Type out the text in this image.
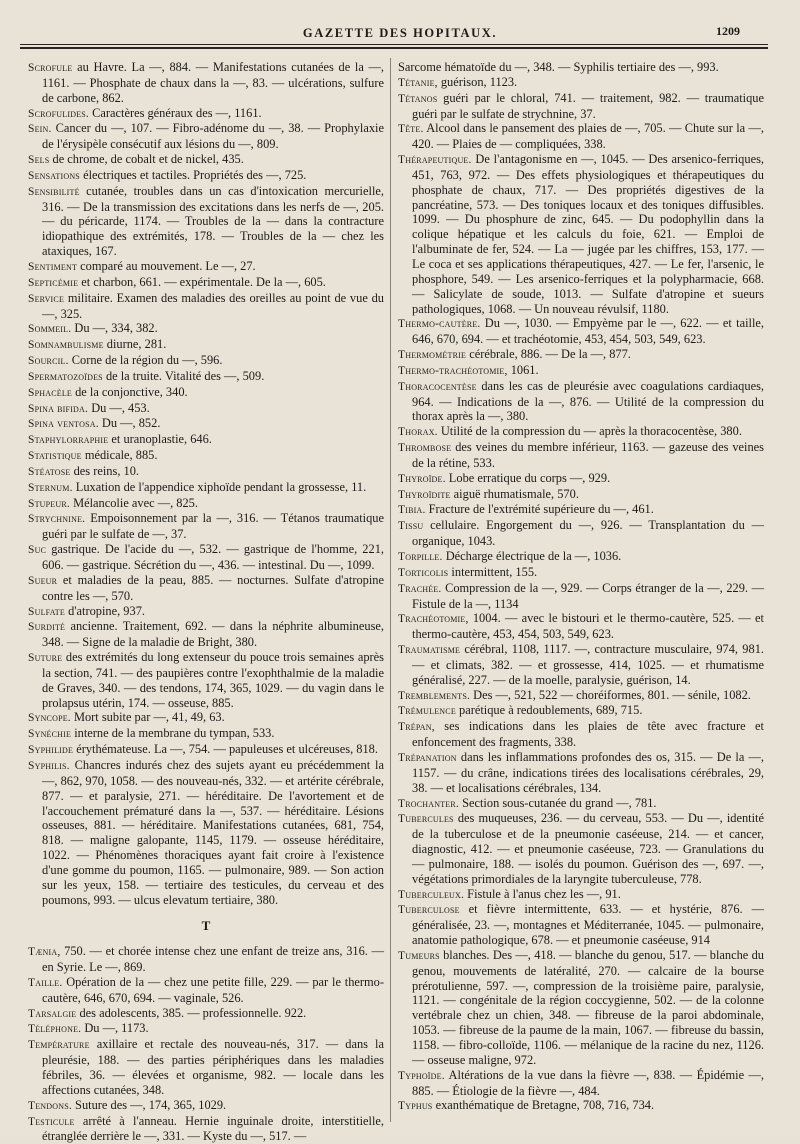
GAZETTE DES HOPITAUX.	1209

Scrofule au Havre. La —, 884. — Manifestations cutanées de la —, 1161. — Phosphate de chaux dans la —, 83. — ulcérations, sulfure de carbone, 862.

Scrofulides. Caractères généraux des —, 1161.

Sein. Cancer du —, 107. — Fibro-adénome du —, 38. — Prophylaxie de l'érysipèle consécutif aux lésions du —, 809.

Sels de chrome, de cobalt et de nickel, 435.

Sensations électriques et tactiles. Propriétés des —, 725.

Sensibilité cutanée, troubles dans un cas d'intoxication mercurielle, 316. — De la transmission des excitations dans les nerfs de —, 205. — du péricarde, 1174. — Troubles de la — dans la contracture idiopathique des extrémités, 178. — Troubles de la — chez les ataxiques, 167.

Sentiment comparé au mouvement. Le —, 27.

Septicémie et charbon, 661. — expérimentale. De la —, 605.

Service militaire. Examen des maladies des oreilles au point de vue du —, 325.

Sommeil. Du —, 334, 382.

Somnambulisme diurne, 281.

Sourcil. Corne de la région du —, 596.

Spermatozoïdes de la truite. Vitalité des —, 509.

Sphacèle de la conjonctive, 340.

Spina bifida. Du —, 453.

Spina ventosa. Du —, 852.

Staphylorraphie et uranoplastie, 646.

Statistique médicale, 885.

Stéatose des reins, 10.

Sternum. Luxation de l'appendice xiphoïde pendant la grossesse, 11.

Stupeur. Mélancolie avec —, 825.

Strychnine. Empoisonnement par la —, 316. — Tétanos traumatique guéri par le sulfate de —, 37.

Suc gastrique. De l'acide du —, 532. — gastrique de l'homme, 221, 606. — gastrique. Sécrétion du —, 436. — intestinal. Du —, 1099.

Sueur et maladies de la peau, 885. — nocturnes. Sulfate d'atropine contre les —, 570.

Sulfate d'atropine, 937.

Surdité ancienne. Traitement, 692. — dans la néphrite albumineuse, 348. — Signe de la maladie de Bright, 380.

Suture des extrémités du long extenseur du pouce trois semaines après la section, 741. — des paupières contre l'exophthalmie de la maladie de Graves, 340. — des tendons, 174, 365, 1029. — du vagin dans le prolapsus utérin, 174. — osseuse, 885.

Syncope. Mort subite par —, 41, 49, 63.

Synéchie interne de la membrane du tympan, 533.

Syphilide érythémateuse. La —, 754. — papuleuses et ulcéreuses, 818.

Syphilis. Chancres indurés chez des sujets ayant eu précédemment la —, 862, 970, 1058. — des nouveau-nés, 332. — et artérite cérébrale, 877. — et paralysie, 271. — héréditaire. De l'avortement et de l'accouchement prématuré dans la —, 537. — héréditaire. Lésions osseuses, 881. — héréditaire. Manifestations cutanées, 681, 754, 818. — maligne galopante, 1145, 1179. — osseuse héréditaire, 1022. — Phénomènes thoraciques ayant fait croire à l'existence d'une gomme du poumon, 1165. — pulmonaire, 989. — Son action sur les yeux, 158. — tertiaire des testicules, du cerveau et des poumons, 993. — ulcus elevatum tertiaire, 380.

T

Tænia, 750. — et chorée intense chez une enfant de treize ans, 316. — en Syrie. Le —, 869.

Taille. Opération de la — chez une petite fille, 229. — par le thermo-cautère, 646, 670, 694. — vaginale, 526.

Tarsalgie des adolescents, 385. — professionnelle. 922.

Téléphone. Du —, 1173.

Température axillaire et rectale des nouveau-nés, 317. — dans la pleurésie, 188. — des parties périphériques dans les maladies fébriles, 36. — élevées et organisme, 982. — locale dans les affections cutanées, 348.

Tendons. Suture des —, 174, 365, 1029.

Testicule arrêté à l'anneau. Hernie inguinale droite, interstitielle, étranglée derrière le —, 331. — Kyste du —, 517. —

Sarcome hématoïde du —, 348. — Syphilis tertiaire des —, 993.

Tétanie, guérison, 1123.

Tétanos guéri par le chloral, 741. — traitement, 982. — traumatique guéri par le sulfate de strychnine, 37.

Tête. Alcool dans le pansement des plaies de —, 705. — Chute sur la —, 420. — Plaies de — compliquées, 338.

Thérapeutique. De l'antagonisme en —, 1045. — Des arsenico-ferriques, 451, 763, 972. — Des effets physiologiques et thérapeutiques du phosphate de chaux, 717. — Des propriétés digestives de la pancréatine, 573. — Des toniques locaux et des toniques diffusibles. 1099. — Du phosphure de zinc, 645. — Du podophyllin dans la colique hépatique et les calculs du foie, 621. — Emploi de l'albuminate de fer, 524. — La — jugée par les chiffres, 153, 177. — Le coca et ses applications thérapeutiques, 427. — Le fer, l'arsenic, le phosphore, 549. — Les arsenico-ferriques et la polypharmacie, 668. — Salicylate de soude, 1013. — Sulfate d'atropine et sueurs pathologiques, 1068. — Un nouveau révulsif, 1180.

Thermo-cautère. Du —, 1030. — Empyème par le —, 622. — et taille, 646, 670, 694. — et trachéotomie, 453, 454, 503, 549, 623.

Thermométrie cérébrale, 886. — De la —, 877.

Thermo-trachéotomie, 1061.

Thoracocentèse dans les cas de pleurésie avec coagulations cardiaques, 964. — Indications de la —, 876. — Utilité de la compression du thorax après la —, 380.

Thorax. Utilité de la compression du — après la thoracocentèse, 380.

Thrombose des veines du membre inférieur, 1163. — gazeuse des veines de la rétine, 533.

Thyroïde. Lobe erratique du corps —, 929.

Thyroïdite aiguë rhumatismale, 570.

Tibia. Fracture de l'extrémité supérieure du —, 461.

Tissu cellulaire. Engorgement du —, 926. — Transplantation du — organique, 1043.

Torpille. Décharge électrique de la —, 1036.

Torticolis intermittent, 155.

Trachée. Compression de la —, 929. — Corps étranger de la —, 229. — Fistule de la —, 1134

Trachéotomie, 1004. — avec le bistouri et le thermo-cautère, 525. — et thermo-cautère, 453, 454, 503, 549, 623.

Traumatisme cérébral, 1108, 1117. —, contracture musculaire, 974, 981. — et climats, 382. — et grossesse, 414, 1025. — et rhumatisme généralisé, 227. — de la moelle, paralysie, guérison, 14.

Tremblements. Des —, 521, 522 — choréiformes, 801. — sénile, 1082.

Trémulence parétique à redoublements, 689, 715.

Trépan, ses indications dans les plaies de tête avec fracture et enfoncement des fragments, 338.

Trépanation dans les inflammations profondes des os, 315. — De la —, 1157. — du crâne, indications tirées des localisations cérébrales, 29, 38. — et localisations cérébrales, 134.

Trochanter. Section sous-cutanée du grand —, 781.

Tubercules des muqueuses, 236. — du cerveau, 553. — Du —, identité de la tuberculose et de la pneumonie caséeuse, 214. — et cancer, diagnostic, 412. — et pneumonie caséeuse, 723. — Granulations du — pulmonaire, 188. — isolés du poumon. Guérison des —, 697. —, végétations primordiales de la laryngite tuberculeuse, 778.

Tuberculeux. Fistule à l'anus chez les —, 91.

Tuberculose et fièvre intermittente, 633. — et hystérie, 876. — généralisée, 23. —, montagnes et Méditerranée, 1045. — pulmonaire, anatomie pathologique, 678. — et pneumonie caséeuse, 914

Tumeurs blanches. Des —, 418. — blanche du genou, 517. — blanche du genou, mouvements de latéralité, 270. — calcaire de la bourse prérotulienne, 597. —, compression de la troisième paire, paralysie, 1121. — congénitale de la région coccygienne, 502. — de la colonne vertébrale chez un chien, 348. — fibreuse de la paroi abdominale, 1053. — fibreuse de la paume de la main, 1067. — fibreuse du bassin, 1158. — fibro-colloïde, 1106. — mélanique de la racine du nez, 1126. — osseuse maligne, 972.

Typhoïde. Altérations de la vue dans la fièvre —, 838. — Épidémie —, 885. — Étiologie de la fièvre —, 484.

Typhus exanthématique de Bretagne, 708, 716, 734.
